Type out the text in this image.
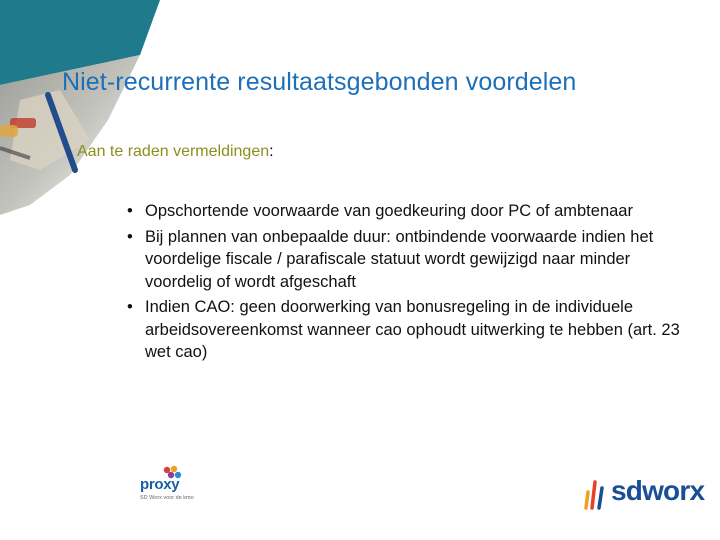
Niet-recurrente resultaatsgebonden voordelen
Aan te raden vermeldingen:
• Opschortende voorwaarde van goedkeuring door PC of ambtenaar
• Bij plannen van onbepaalde duur: ontbindende voorwaarde indien het voordelige fiscale / parafiscale statuut wordt gewijzigd naar minder voordelig of wordt afgeschaft
• Indien CAO: geen doorwerking van bonusregeling in de individuele arbeidsovereenkomst wanneer cao ophoudt uitwerking te hebben (art. 23 wet cao)
proxy
SD Worx voor de kmo	sdworx
